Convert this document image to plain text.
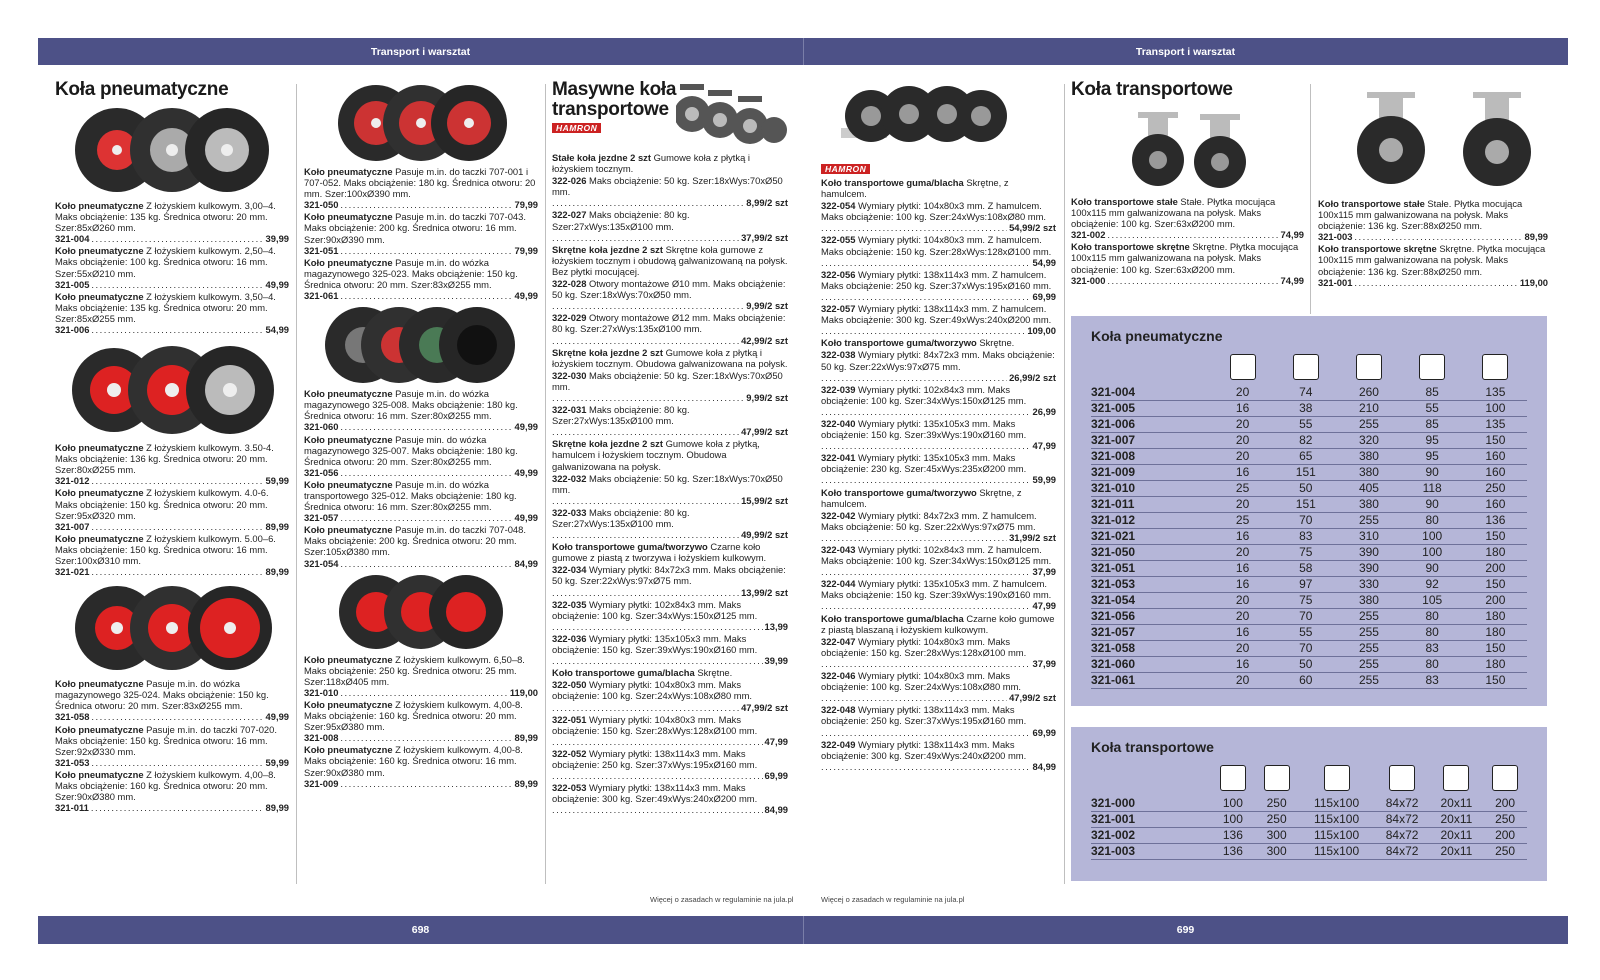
Transport i warsztat	Transport i warsztat
Koła pneumatyczne
Koło pneumatyczne Z łożyskiem kulkowym. 3,00–4. Maks obciążenie: 135 kg. Średnica otworu: 20 mm. Szer:85xØ260 mm.
321-004 .....	39,99
Koło pneumatyczne Z łożyskiem kulkowym. 2,50–4. Maks obciążenie: 100 kg. Średnica otworu: 16 mm. Szer:55xØ210 mm.
321-005 .....	49,99
Koło pneumatyczne Z łożyskiem kulkowym. 3,50–4. Maks obciążenie: 135 kg. Średnica otworu: 20 mm. Szer:85xØ255 mm.
321-006 .....	54,99
Koło pneumatyczne Z łożyskiem kulkowym. 3.50-4. Maks obciążenie: 136 kg. Średnica otworu: 20 mm. Szer:80xØ255 mm.
321-012 .....	59,99
Koło pneumatyczne Z łożyskiem kulkowym. 4.0-6. Maks obciążenie: 150 kg. Średnica otworu: 20 mm. Szer:95xØ320 mm.
321-007 .....	89,99
Koło pneumatyczne Z łożyskiem kulkowym. 5.00–6. Maks obciążenie: 150 kg. Średnica otworu: 16 mm. Szer:100xØ310 mm.
321-021 .....	89,99
Koło pneumatyczne Pasuje m.in. do wózka magazynowego 325-024. Maks obciążenie: 150 kg. Średnica otworu: 20 mm. Szer:83xØ255 mm.
321-058 .....	49,99
Koło pneumatyczne Pasuje m.in. do taczki 707-020. Maks obciążenie: 150 kg. Średnica otworu: 16 mm. Szer:92xØ330 mm.
321-053 .....	59,99
Koło pneumatyczne Z łożyskiem kulkowym. 4,00–8. Maks obciążenie: 160 kg. Średnica otworu: 20 mm. Szer:90xØ380 mm.
321-011 .....	89,99
Koło pneumatyczne Pasuje m.in. do taczki 707-001 i 707-052. Maks obciążenie: 180 kg. Średnica otworu: 20 mm. Szer:100xØ390 mm.
321-050 .....	79,99
Koło pneumatyczne Pasuje m.in. do taczki 707-043. Maks obciążenie: 200 kg. Średnica otworu: 16 mm. Szer:90xØ390 mm.
321-051 .....	79,99
Koło pneumatyczne Pasuje m.in. do wózka magazynowego 325-023. Maks obciążenie: 150 kg. Średnica otworu: 20 mm. Szer:83xØ255 mm.
321-061 .....	49,99
Koło pneumatyczne Pasuje m.in. do wózka magazynowego 325-008. Maks obciążenie: 180 kg. Średnica otworu: 16 mm. Szer:80xØ255 mm.
321-060 .....	49,99
Koło pneumatyczne Pasuje min. do wózka magazynowego 325-007. Maks obciążenie: 180 kg. Średnica otworu: 20 mm. Szer:80xØ255 mm.
321-056 .....	49,99
Koło pneumatyczne Pasuje m.in. do wózka transportowego 325-012. Maks obciążenie: 180 kg. Średnica otworu: 16 mm. Szer:80xØ255 mm.
321-057 .....	49,99
Koło pneumatyczne Pasuje m.in. do taczki 707-048. Maks obciążenie: 200 kg. Średnica otworu: 20 mm. Szer:105xØ380 mm.
321-054 .....	84,99
Koło pneumatyczne Z łożyskiem kulkowym. 6,50–8. Maks obciążenie: 250 kg. Średnica otworu: 25 mm. Szer:118xØ405 mm.
321-010 .....	119,00
Koło pneumatyczne Z łożyskiem kulkowym. 4,00-8. Maks obciążenie: 160 kg. Średnica otworu: 20 mm. Szer:95xØ380 mm.
321-008 .....	89,99
Koło pneumatyczne Z łożyskiem kulkowym. 4,00-8. Maks obciążenie: 160 kg. Średnica otworu: 16 mm. Szer:90xØ380 mm.
321-009 .....	89,99
Masywne koła
transportowe
HAMRON
Stałe koła jezdne 2 szt Gumowe koła z płytką i łożyskiem tocznym.
322-026 Maks obciążenie: 50 kg. Szer:18xWys:70xØ50 mm.
.....
8,99/2 szt
322-027 Maks obciążenie: 80 kg. Szer:27xWys:135xØ100 mm.
.....
37,99/2 szt
Skrętne koła jezdne 2 szt Skrętne koła gumowe z łożyskiem tocznym i obudową galwanizowaną na połysk. Bez płytki mocującej.
322-028 Otwory montażowe Ø10 mm. Maks obciążenie: 50 kg. Szer:18xWys:70xØ50 mm.
.....
9,99/2 szt
322-029 Otwory montażowe Ø12 mm. Maks obciążenie: 80 kg. Szer:27xWys:135xØ100 mm.
.....
42,99/2 szt
Skrętne koła jezdne 2 szt Gumowe koła z płytką i łożyskiem tocznym. Obudowa galwanizowana na połysk.
322-030 Maks obciążenie: 50 kg. Szer:18xWys:70xØ50 mm.
.....
9,99/2 szt
322-031 Maks obciążenie: 80 kg. Szer:27xWys:135xØ100 mm.
.....
47,99/2 szt
Skrętne koła jezdne 2 szt Gumowe koła z płytką, hamulcem i łożyskiem tocznym. Obudowa galwanizowana na połysk.
322-032 Maks obciążenie: 50 kg. Szer:18xWys:70xØ50 mm.
.....
15,99/2 szt
322-033 Maks obciążenie: 80 kg. Szer:27xWys:135xØ100 mm.
.....
49,99/2 szt
Koło transportowe guma/tworzywo Czarne koło gumowe z piastą z tworzywa i łożyskiem kulkowym.
322-034 Wymiary płytki: 84x72x3 mm. Maks obciążenie: 50 kg. Szer:22xWys:97xØ75 mm.
.....
13,99/2 szt
322-035 Wymiary płytki: 102x84x3 mm. Maks obciążenie: 100 kg. Szer:34xWys:150xØ125 mm.
.....
13,99
322-036 Wymiary płytki: 135x105x3 mm. Maks obciążenie: 150 kg. Szer:39xWys:190xØ160 mm.
.....
39,99
Koło transportowe guma/blacha Skrętne.
322-050 Wymiary płytki: 104x80x3 mm. Maks obciążenie: 100 kg. Szer:24xWys:108xØ80 mm.
.....
47,99/2 szt
322-051 Wymiary płytki: 104x80x3 mm. Maks obciążenie: 150 kg. Szer:28xWys:128xØ100 mm.
.....
47,99
322-052 Wymiary płytki: 138x114x3 mm. Maks obciążenie: 250 kg. Szer:37xWys:195xØ160 mm.
.....
69,99
322-053 Wymiary płytki: 138x114x3 mm. Maks obciążenie: 300 kg. Szer:49xWys:240xØ200 mm.
.....
84,99
HAMRON
Koło transportowe guma/blacha Skrętne, z hamulcem.
322-054 Wymiary płytki: 104x80x3 mm. Z hamulcem. Maks obciążenie: 100 kg. Szer:24xWys:108xØ80 mm.
.....
54,99/2 szt
322-055 Wymiary płytki: 104x80x3 mm. Z hamulcem. Maks obciążenie: 150 kg. Szer:28xWys:128xØ100 mm.
.....
54,99
322-056 Wymiary płytki: 138x114x3 mm. Z hamulcem. Maks obciążenie: 250 kg. Szer:37xWys:195xØ160 mm.
.....
69,99
322-057 Wymiary płytki: 138x114x3 mm. Z hamulcem. Maks obciążenie: 300 kg. Szer:49xWys:240xØ200 mm.
.....
109,00
Koło transportowe guma/tworzywo Skrętne.
322-038 Wymiary płytki: 84x72x3 mm. Maks obciążenie: 50 kg. Szer:22xWys:97xØ75 mm.
.....
26,99/2 szt
322-039 Wymiary płytki: 102x84x3 mm. Maks obciążenie: 100 kg. Szer:34xWys:150xØ125 mm.
.....
26,99
322-040 Wymiary płytki: 135x105x3 mm. Maks obciążenie: 150 kg. Szer:39xWys:190xØ160 mm.
.....
47,99
322-041 Wymiary płytki: 135x105x3 mm. Maks obciążenie: 230 kg. Szer:45xWys:235xØ200 mm.
.....
59,99
Koło transportowe guma/tworzywo Skrętne, z hamulcem.
322-042 Wymiary płytki: 84x72x3 mm. Z hamulcem. Maks obciążenie: 50 kg. Szer:22xWys:97xØ75 mm.
.....
31,99/2 szt
322-043 Wymiary płytki: 102x84x3 mm. Z hamulcem. Maks obciążenie: 100 kg. Szer:34xWys:150xØ125 mm.
.....
37,99
322-044 Wymiary płytki: 135x105x3 mm. Z hamulcem. Maks obciążenie: 150 kg. Szer:39xWys:190xØ160 mm.
.....
47,99
Koło transportowe guma/blacha Czarne koło gumowe z piastą blaszaną i łożyskiem kulkowym.
322-047 Wymiary płytki: 104x80x3 mm. Maks obciążenie: 150 kg. Szer:28xWys:128xØ100 mm.
.....
37,99
322-046 Wymiary płytki: 104x80x3 mm. Maks obciążenie: 100 kg. Szer:24xWys:108xØ80 mm.
.....
47,99/2 szt
322-048 Wymiary płytki: 138x114x3 mm. Maks obciążenie: 250 kg. Szer:37xWys:195xØ160 mm.
.....
69,99
322-049 Wymiary płytki: 138x114x3 mm. Maks obciążenie: 300 kg. Szer:49xWys:240xØ200 mm.
.....
84,99
Koła transportowe
Koło transportowe stałe Stałe. Płytka mocująca 100x115 mm galwanizowana na połysk. Maks obciążenie: 100 kg. Szer:63xØ200 mm.
321-002 .....	74,99
Koło transportowe skrętne Skrętne. Płytka mocująca 100x115 mm galwanizowana na połysk. Maks obciążenie: 100 kg. Szer:63xØ200 mm.
321-000 .....	74,99
Koło transportowe stałe Stałe. Płytka mocująca 100x115 mm galwanizowana na połysk. Maks obciążenie: 136 kg. Szer:88xØ250 mm.
321-003 .....	89,99
Koło transportowe skrętne Skrętne. Płytka mocująca 100x115 mm galwanizowana na połysk. Maks obciążenie: 136 kg. Szer:88xØ250 mm.
321-001 .....	119,00
Koła pneumatyczne

321-004	20	74	260	85	135
321-005	16	38	210	55	100
321-006	20	55	255	85	135
321-007	20	82	320	95	150
321-008	20	65	380	95	160
321-009	16	151	380	90	160
321-010	25	50	405	118	250
321-011	20	151	380	90	160
321-012	25	70	255	80	136
321-021	16	83	310	100	150
321-050	20	75	390	100	180
321-051	16	58	390	90	200
321-053	16	97	330	92	150
321-054	20	75	380	105	200
321-056	20	70	255	80	180
321-057	16	55	255	80	180
321-058	20	70	255	83	150
321-060	16	50	255	80	180
321-061	20	60	255	83	150
Koła transportowe

321-000	100	250	115x100	84x72	20x11	200
321-001	100	250	115x100	84x72	20x11	250
321-002	136	300	115x100	84x72	20x11	200
321-003	136	300	115x100	84x72	20x11	250
Więcej o zasadach w regulaminie na jula.pl	Więcej o zasadach w regulaminie na jula.pl
698	699
